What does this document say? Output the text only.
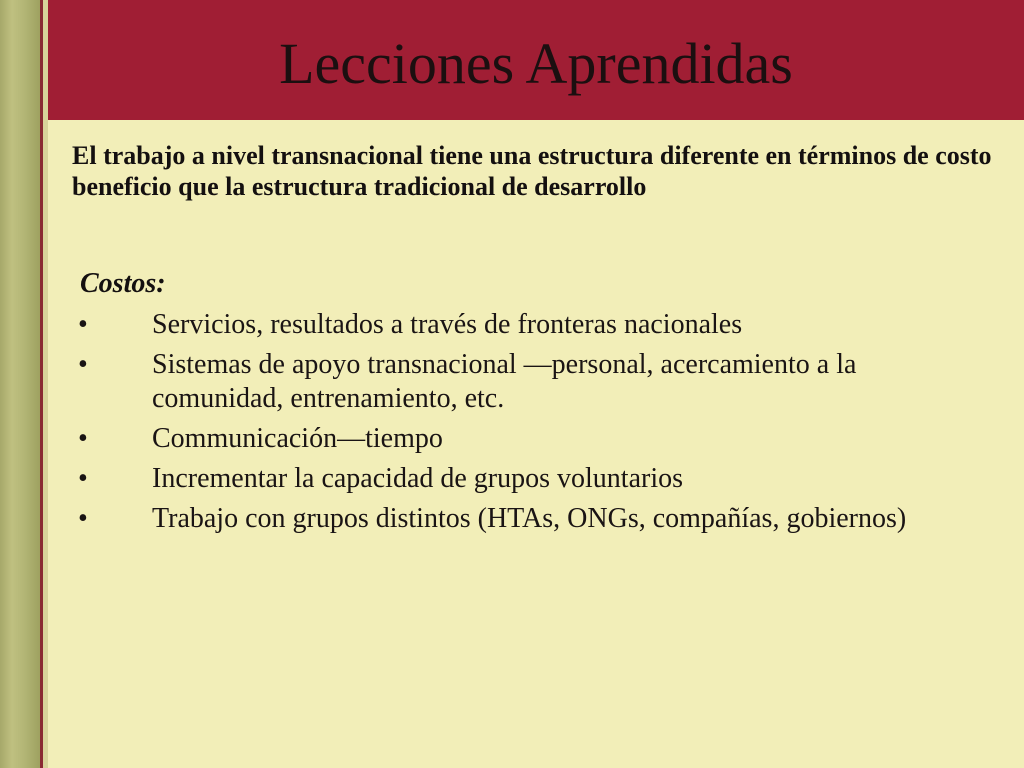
Lecciones Aprendidas

El trabajo a nivel transnacional tiene una estructura diferente en términos de costo beneficio que la estructura tradicional de desarrollo

Costos:

•	Servicios, resultados a través de fronteras nacionales
•	Sistemas de apoyo transnacional —personal, acercamiento a la comunidad, entrenamiento, etc.
•	Communicación—tiempo
•	Incrementar la capacidad de grupos voluntarios
•	Trabajo con grupos distintos (HTAs, ONGs, compañías, gobiernos)
